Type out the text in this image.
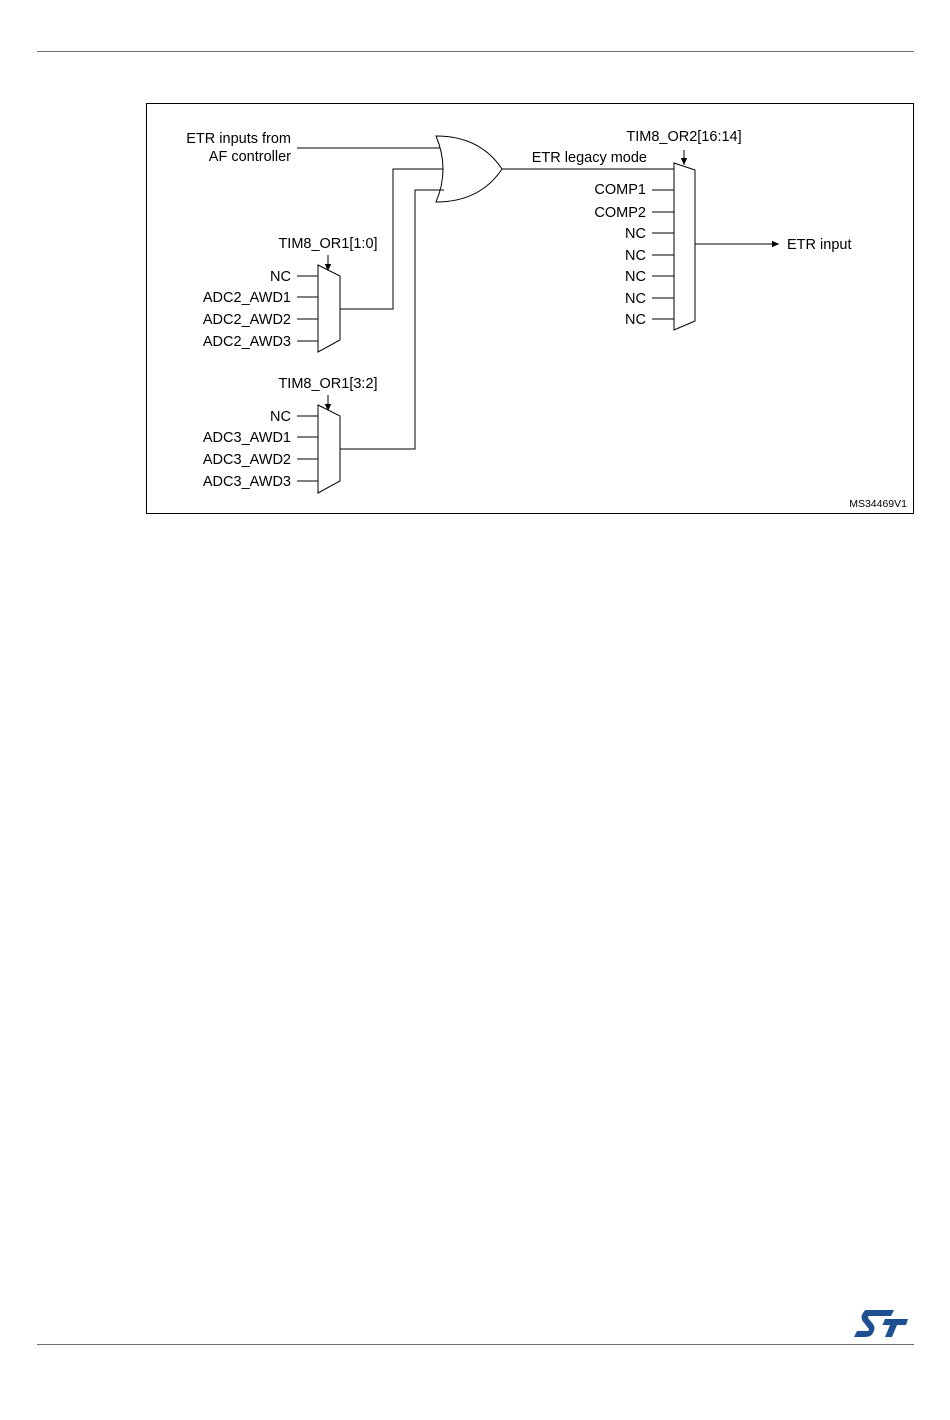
ETR inputs from
AF controller	ETR legacy mode
TIM8_OR2[16:14]
COMP1
COMP2
NC
NC
NC
NC
NC
ETR input
TIM8_OR1[1:0]
NC
ADC2_AWD1
ADC2_AWD2
ADC2_AWD3
TIM8_OR1[3:2]
NC
ADC3_AWD1
ADC3_AWD2
ADC3_AWD3
MS34469V1
